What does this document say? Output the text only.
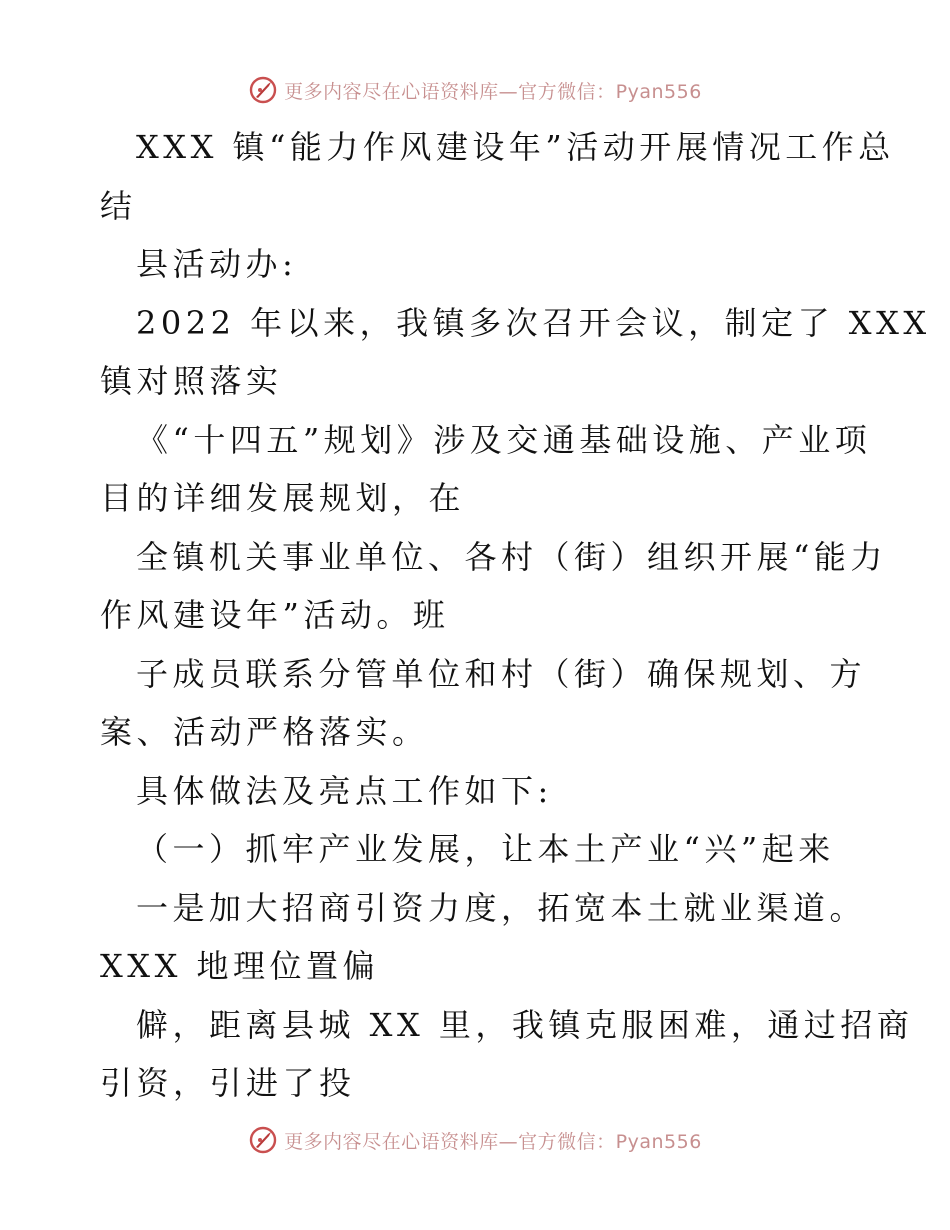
更多内容尽在心语资料库—官方微信：Pyan556
XXX 镇“能力作风建设年”活动开展情况工作总
结
县活动办:
2022 年以来，我镇多次召开会议，制定了 XXX
镇对照落实
《“十四五”规划》涉及交通基础设施、产业项
目的详细发展规划，在
全镇机关事业单位、各村（街）组织开展“能力
作风建设年”活动。班
子成员联系分管单位和村（街）确保规划、方
案、活动严格落实。
具体做法及亮点工作如下:
（一）抓牢产业发展，让本土产业“兴”起来
一是加大招商引资力度，拓宽本土就业渠道。
XXX 地理位置偏
僻，距离县城 XX 里，我镇克服困难，通过招商
引资，引进了投
更多内容尽在心语资料库—官方微信：Pyan556
